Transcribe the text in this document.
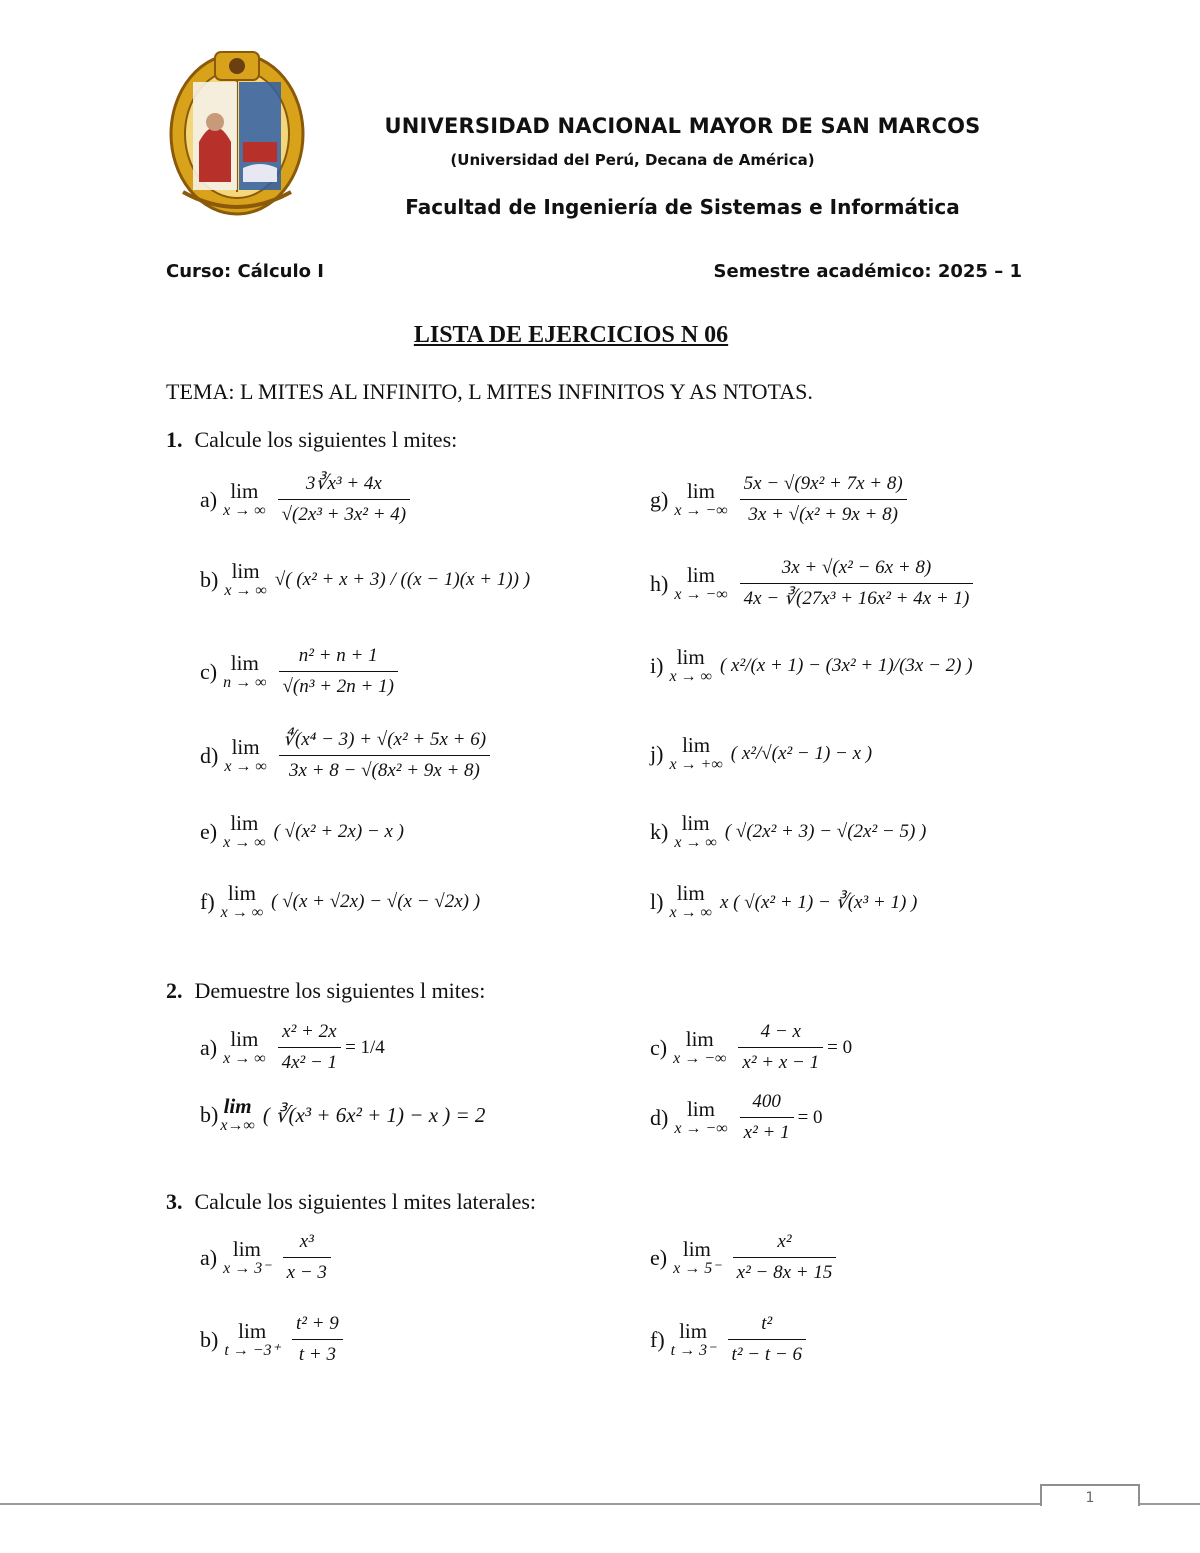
UNIVERSIDAD NACIONAL MAYOR DE SAN MARCOS
(Universidad del Perú, Decana de América)
Facultad de Ingeniería de Sistemas e Informática
Curso: Cálculo I	Semestre académico: 2025 – 1
LISTA DE EJERCICIOS N 06
TEMA: L MITES AL INFINITO, L MITES INFINITOS Y AS NTOTAS.
1. Calcule los siguientes l mites:
a) lim
x → ∞ $\frac{\text{3∛x³ + 4x}}{\text{√(2x³ + 3x² + 4)}}$
b) lim
x → ∞
√( (x² + x + 3) / ((x − 1)(x + 1)) )
c) lim
n → ∞ $\frac{\text{n² + n + 1}}{\text{√(n³ + 2n + 1)}}$
d) lim
x → ∞ $\frac{\text{∜(x⁴ − 3) + √(x² + 5x + 6)}}{\text{3x + 8 − √(8x² + 9x + 8)}}$
e) lim
x → ∞
( √(x² + 2x) − x )
f) lim
x → ∞
( √(x + √2x) − √(x − √2x) )
g) lim
x → −∞ $\frac{\text{5x − √(9x² + 7x + 8)}}{\text{3x + √(x² + 9x + 8)}}$
h) lim
x → −∞ $\frac{\text{3x + √(x² − 6x + 8)}}{\text{4x − ∛(27x³ + 16x² + 4x + 1)}}$
i) lim
x → ∞
( x²/(x + 1) − (3x² + 1)/(3x − 2) )
j) lim
x → +∞
( x²/√(x² − 1) − x )
k) lim
x → ∞
( √(2x² + 3) − √(2x² − 5) )
l) lim
x → ∞ x ( √(x² + 1) − ∛(x³ + 1) )
2. Demuestre los siguientes l mites:
a) lim
x → ∞ $\frac{\text{x² + 2x}}{\text{4x² − 1}} = 1/4$
b) lim
x→∞ ( ∛(x³ + 6x² + 1) − x ) = 2
c) lim
x → −∞ $\frac{4 - x}{\text{x² + x − 1}} = 0$
d) lim
x → −∞ $\frac{400}{\text{x² + 1}} = 0$
3. Calcule los siguientes l mites laterales:
a) lim
$x \to 3^- \frac{\text{x³}}{x - 3}$
b) lim
$t \to -3^+ \frac{\text{t² + 9}}{t + 3}$
e) lim
$x \to 5^- \frac{\text{x²}}{\text{x² − 8x + 15}}$
f) lim
$t \to 3^- \frac{\text{t²}}{\text{t² − t − 6}}$
1
